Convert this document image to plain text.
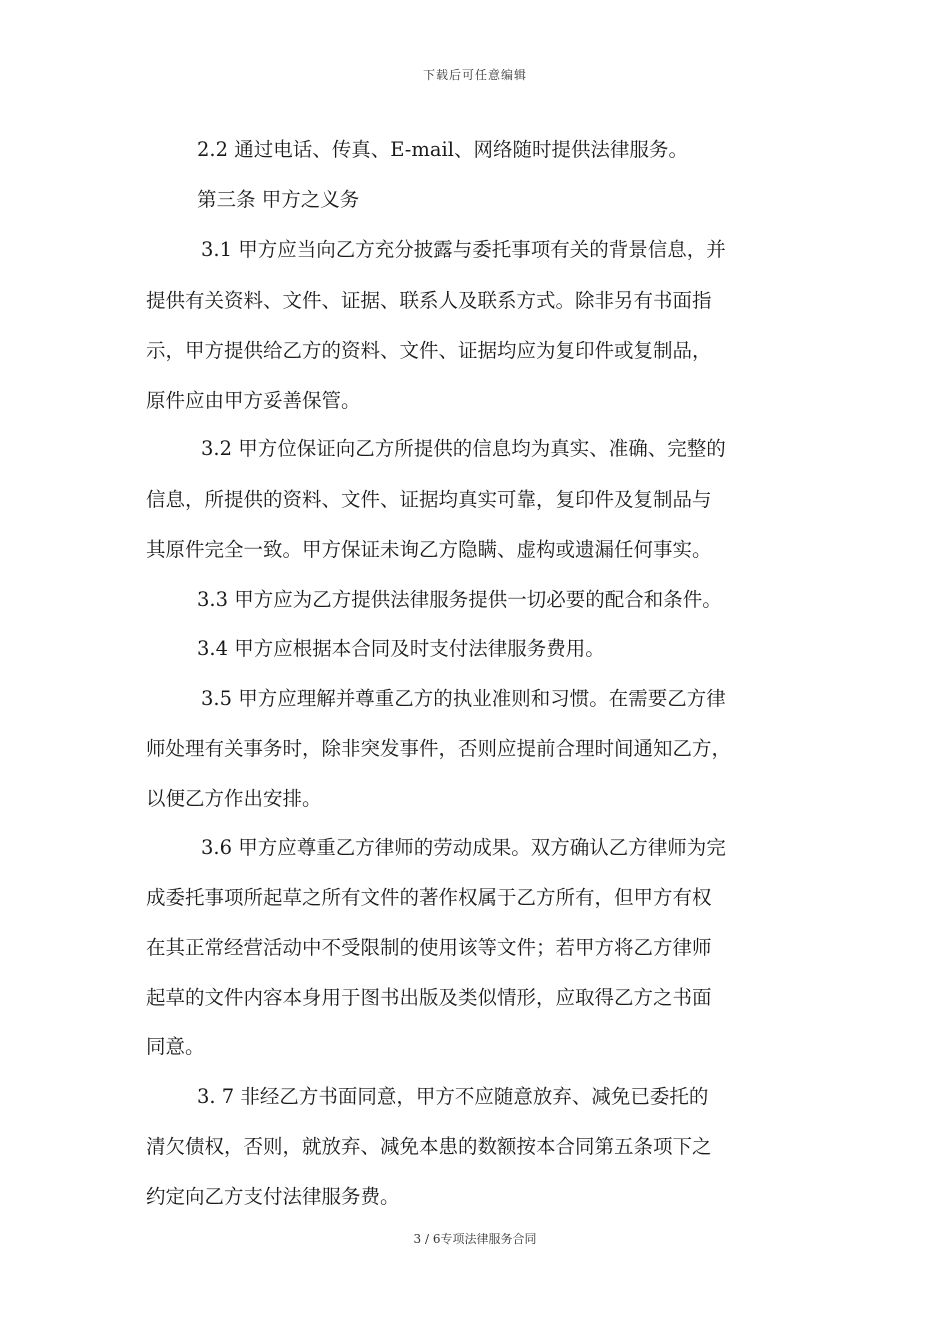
下载后可任意编辑
2.2 通过电话、传真、E-mail、网络随时提供法律服务。
第三条 甲方之义务
3.1 甲方应当向乙方充分披露与委托事项有关的背景信息，并
提供有关资料、文件、证据、联系人及联系方式。除非另有书面指
示，甲方提供给乙方的资料、文件、证据均应为复印件或复制品，
原件应由甲方妥善保管。
3.2 甲方位保证向乙方所提供的信息均为真实、准确、完整的
信息，所提供的资料、文件、证据均真实可靠，复印件及复制品与
其原件完全一致。甲方保证未询乙方隐瞒、虚构或遗漏任何事实。
3.3 甲方应为乙方提供法律服务提供一切必要的配合和条件。
3.4 甲方应根据本合同及时支付法律服务费用。
3.5 甲方应理解并尊重乙方的执业准则和习惯。在需要乙方律
师处理有关事务时，除非突发事件，否则应提前合理时间通知乙方，
以便乙方作出安排。
3.6 甲方应尊重乙方律师的劳动成果。双方确认乙方律师为完
成委托事项所起草之所有文件的著作权属于乙方所有，但甲方有权
在其正常经营活动中不受限制的使用该等文件；若甲方将乙方律师
起草的文件内容本身用于图书出版及类似情形，应取得乙方之书面
同意。
3. 7 非经乙方书面同意，甲方不应随意放弃、减免已委托的
清欠债权，否则，就放弃、减免本患的数额按本合同第五条项下之
约定向乙方支付法律服务费。
3 / 6专项法律服务合同
